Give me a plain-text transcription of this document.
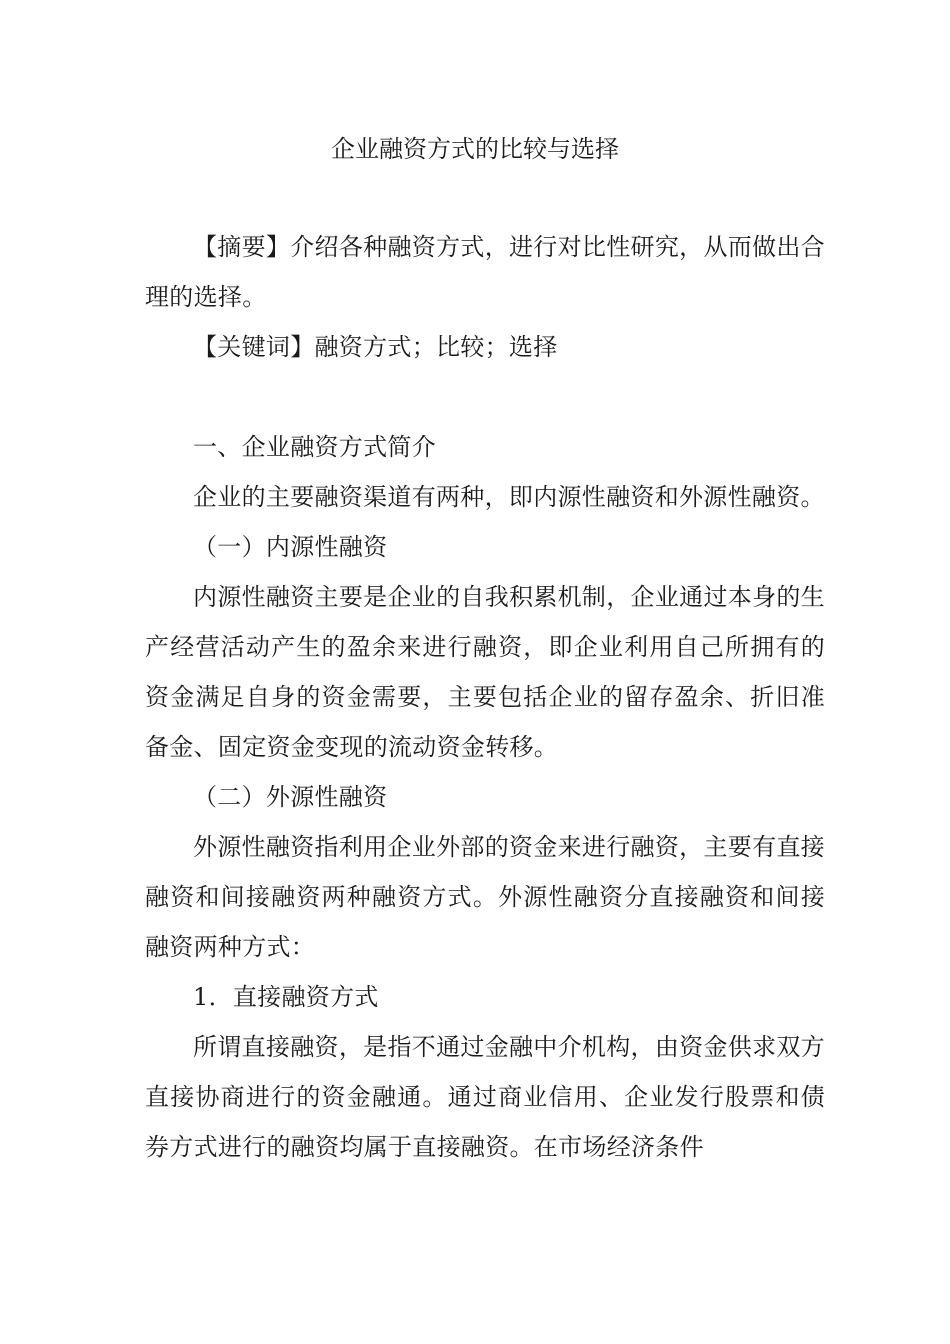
企业融资方式的比较与选择

【摘要】介绍各种融资方式，进行对比性研究，从而做出合理的选择。

【关键词】融资方式；比较；选择

一、企业融资方式简介

企业的主要融资渠道有两种，即内源性融资和外源性融资。

（一）内源性融资

内源性融资主要是企业的自我积累机制，企业通过本身的生产经营活动产生的盈余来进行融资，即企业利用自己所拥有的资金满足自身的资金需要，主要包括企业的留存盈余、折旧准备金、固定资金变现的流动资金转移。

（二）外源性融资

外源性融资指利用企业外部的资金来进行融资，主要有直接融资和间接融资两种融资方式。外源性融资分直接融资和间接融资两种方式：

1．直接融资方式

所谓直接融资，是指不通过金融中介机构，由资金供求双方直接协商进行的资金融通。通过商业信用、企业发行股票和债券方式进行的融资均属于直接融资。在市场经济条件
